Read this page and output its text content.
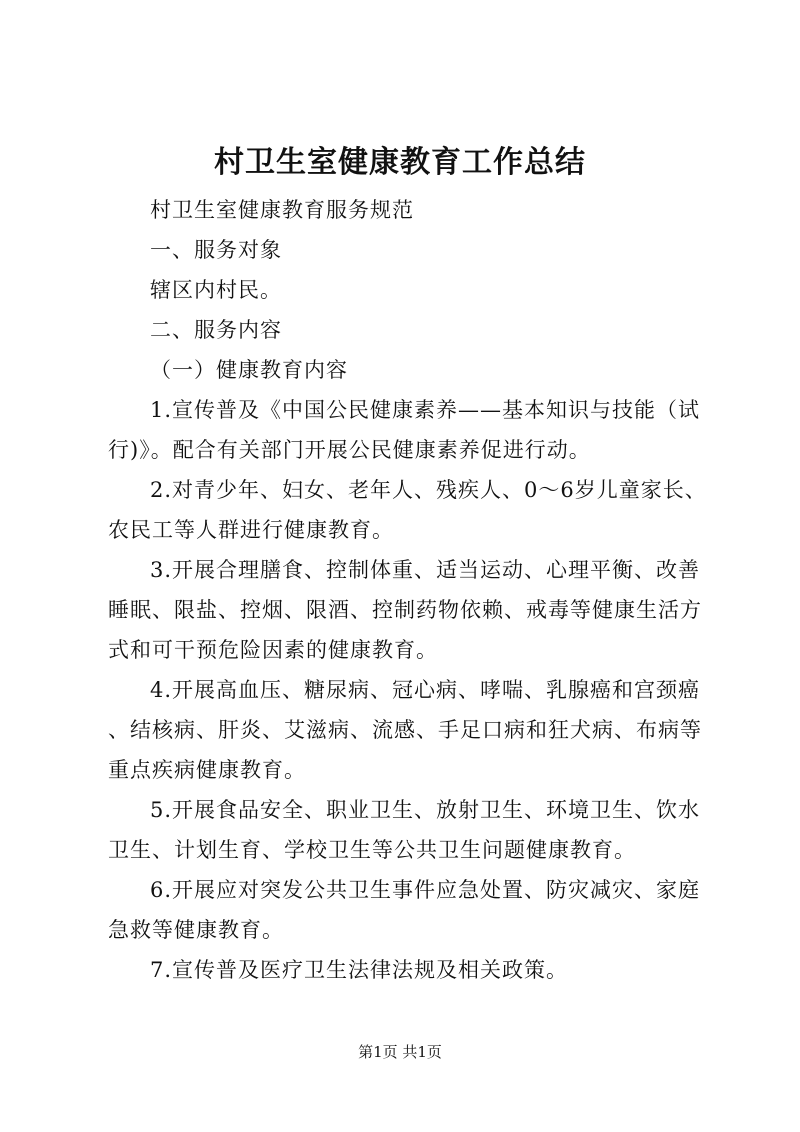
村卫生室健康教育工作总结

村卫生室健康教育服务规范

一、服务对象

辖区内村民。

二、服务内容

（一）健康教育内容

1.宣传普及《中国公民健康素养——基本知识与技能（试行)》。配合有关部门开展公民健康素养促进行动。

2.对青少年、妇女、老年人、残疾人、0～6岁儿童家长、农民工等人群进行健康教育。

3.开展合理膳食、控制体重、适当运动、心理平衡、改善睡眠、限盐、控烟、限酒、控制药物依赖、戒毒等健康生活方式和可干预危险因素的健康教育。

4.开展高血压、糖尿病、冠心病、哮喘、乳腺癌和宫颈癌、结核病、肝炎、艾滋病、流感、手足口病和狂犬病、布病等重点疾病健康教育。

5.开展食品安全、职业卫生、放射卫生、环境卫生、饮水卫生、计划生育、学校卫生等公共卫生问题健康教育。

6.开展应对突发公共卫生事件应急处置、防灾减灾、家庭急救等健康教育。

7.宣传普及医疗卫生法律法规及相关政策。

第1页 共1页
